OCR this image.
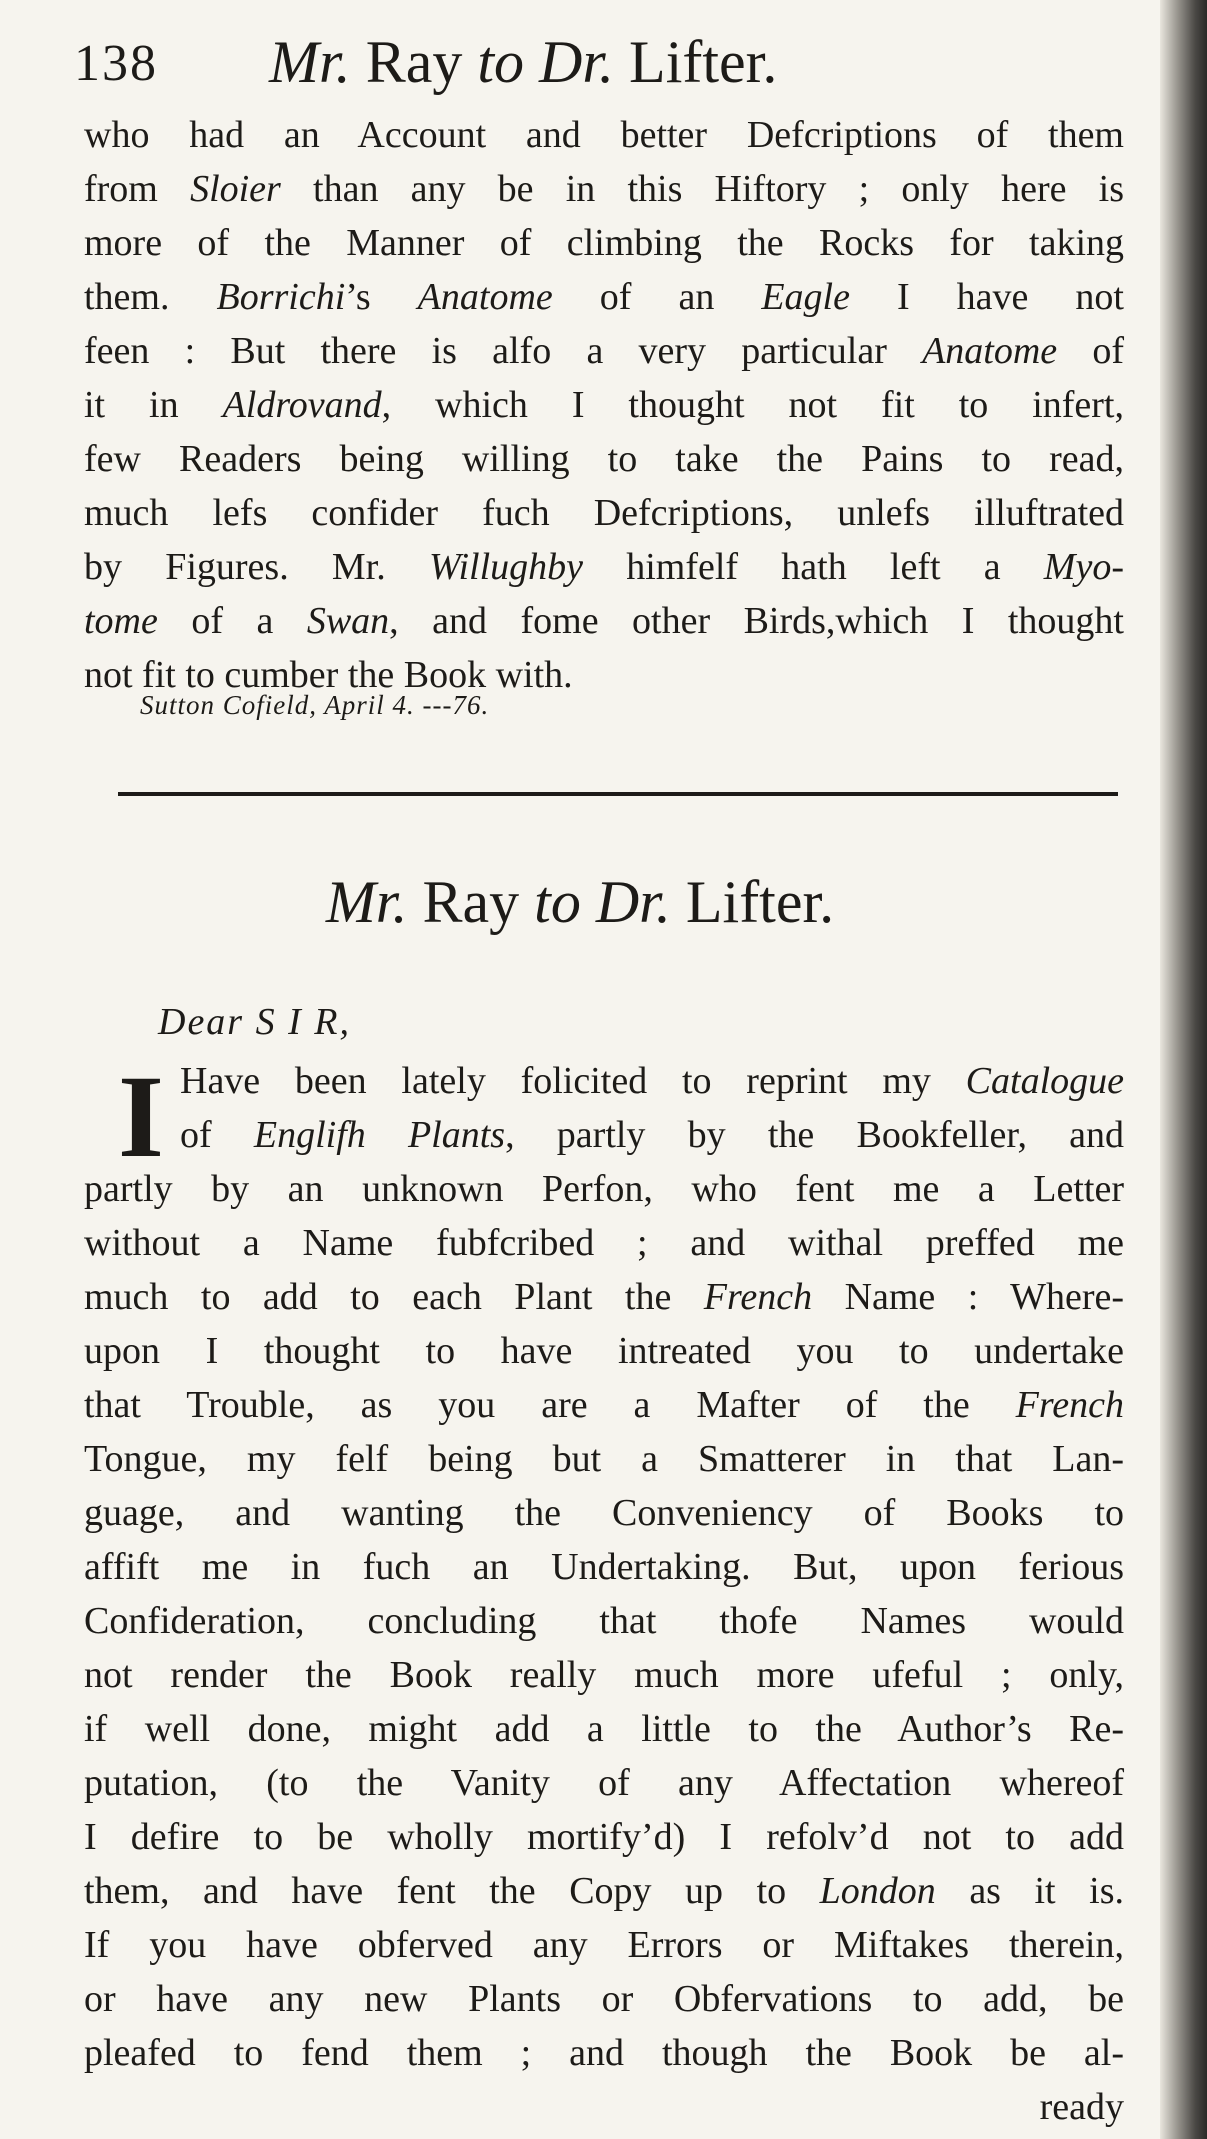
138 Mr. Ray to Dr. Lifter.
who had an Account and better Defcriptions of them
from Sloier than any be in this Hiftory ; only here is
more of the Manner of climbing the Rocks for taking
them. Borrichi’s Anatome of an Eagle I have not
feen : But there is alfo a very particular Anatome of
it in Aldrovand, which I thought not fit to infert,
few Readers being willing to take the Pains to read,
much lefs confider fuch Defcriptions, unlefs illuftrated
by Figures. Mr. Willughby himfelf hath left a Myo-
tome of a Swan, and fome other Birds,which I thought
not fit to cumber the Book with.
Sutton Cofield, April 4. ---76.
Mr. Ray to Dr. Lifter.
Dear S I R,
I Have been lately folicited to reprint my Catalogue
of Englifh Plants, partly by the Bookfeller, and
partly by an unknown Perfon, who fent me a Letter
without a Name fubfcribed ; and withal preffed me
much to add to each Plant the French Name : Where-
upon I thought to have intreated you to undertake
that Trouble, as you are a Mafter of the French
Tongue, my felf being but a Smatterer in that Lan-
guage, and wanting the Conveniency of Books to
affift me in fuch an Undertaking. But, upon ferious
Confideration, concluding that thofe Names would
not render the Book really much more ufeful ; only,
if well done, might add a little to the Author’s Re-
putation, (to the Vanity of any Affectation whereof
I defire to be wholly mortify’d) I refolv’d not to add
them, and have fent the Copy up to London as it is.
If you have obferved any Errors or Miftakes therein,
or have any new Plants or Obfervations to add, be
pleafed to fend them ; and though the Book be al-
ready
